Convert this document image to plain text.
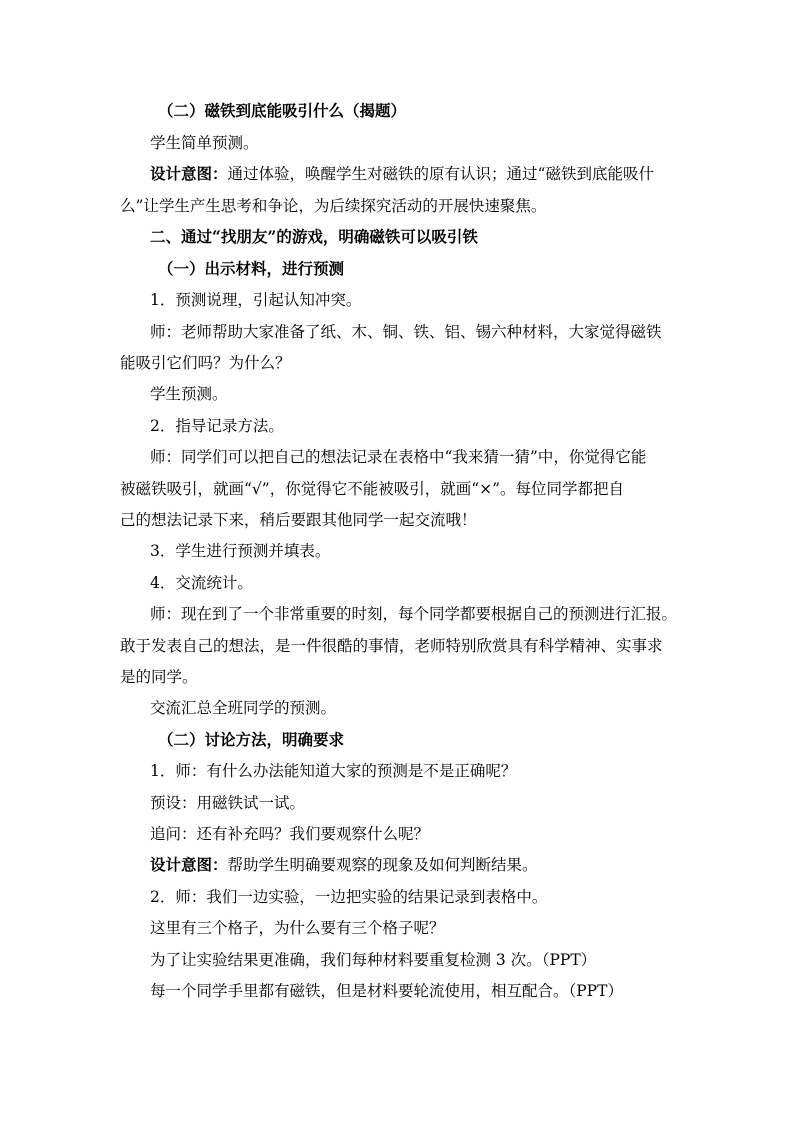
（二）磁铁到底能吸引什么（揭题）
学生简单预测。
设计意图：通过体验，唤醒学生对磁铁的原有认识；通过“磁铁到底能吸什
么”让学生产生思考和争论，为后续探究活动的开展快速聚焦。
二、通过“找朋友”的游戏，明确磁铁可以吸引铁
（一）出示材料，进行预测
1．预测说理，引起认知冲突。
师：老师帮助大家准备了纸、木、铜、铁、铝、锡六种材料，大家觉得磁铁
能吸引它们吗？为什么？
学生预测。
2．指导记录方法。
师：同学们可以把自己的想法记录在表格中“我来猜一猜”中，你觉得它能
被磁铁吸引，就画“√”，你觉得它不能被吸引，就画“×”。每位同学都把自
己的想法记录下来，稍后要跟其他同学一起交流哦！
3．学生进行预测并填表。
4．交流统计。
师：现在到了一个非常重要的时刻，每个同学都要根据自己的预测进行汇报。
敢于发表自己的想法，是一件很酷的事情，老师特别欣赏具有科学精神、实事求
是的同学。
交流汇总全班同学的预测。
（二）讨论方法，明确要求
1．师：有什么办法能知道大家的预测是不是正确呢？
预设：用磁铁试一试。
追问：还有补充吗？我们要观察什么呢？
设计意图：帮助学生明确要观察的现象及如何判断结果。
2．师：我们一边实验，一边把实验的结果记录到表格中。
这里有三个格子，为什么要有三个格子呢？
为了让实验结果更准确，我们每种材料要重复检测 3 次。（PPT）
每一个同学手里都有磁铁，但是材料要轮流使用，相互配合。（PPT）
